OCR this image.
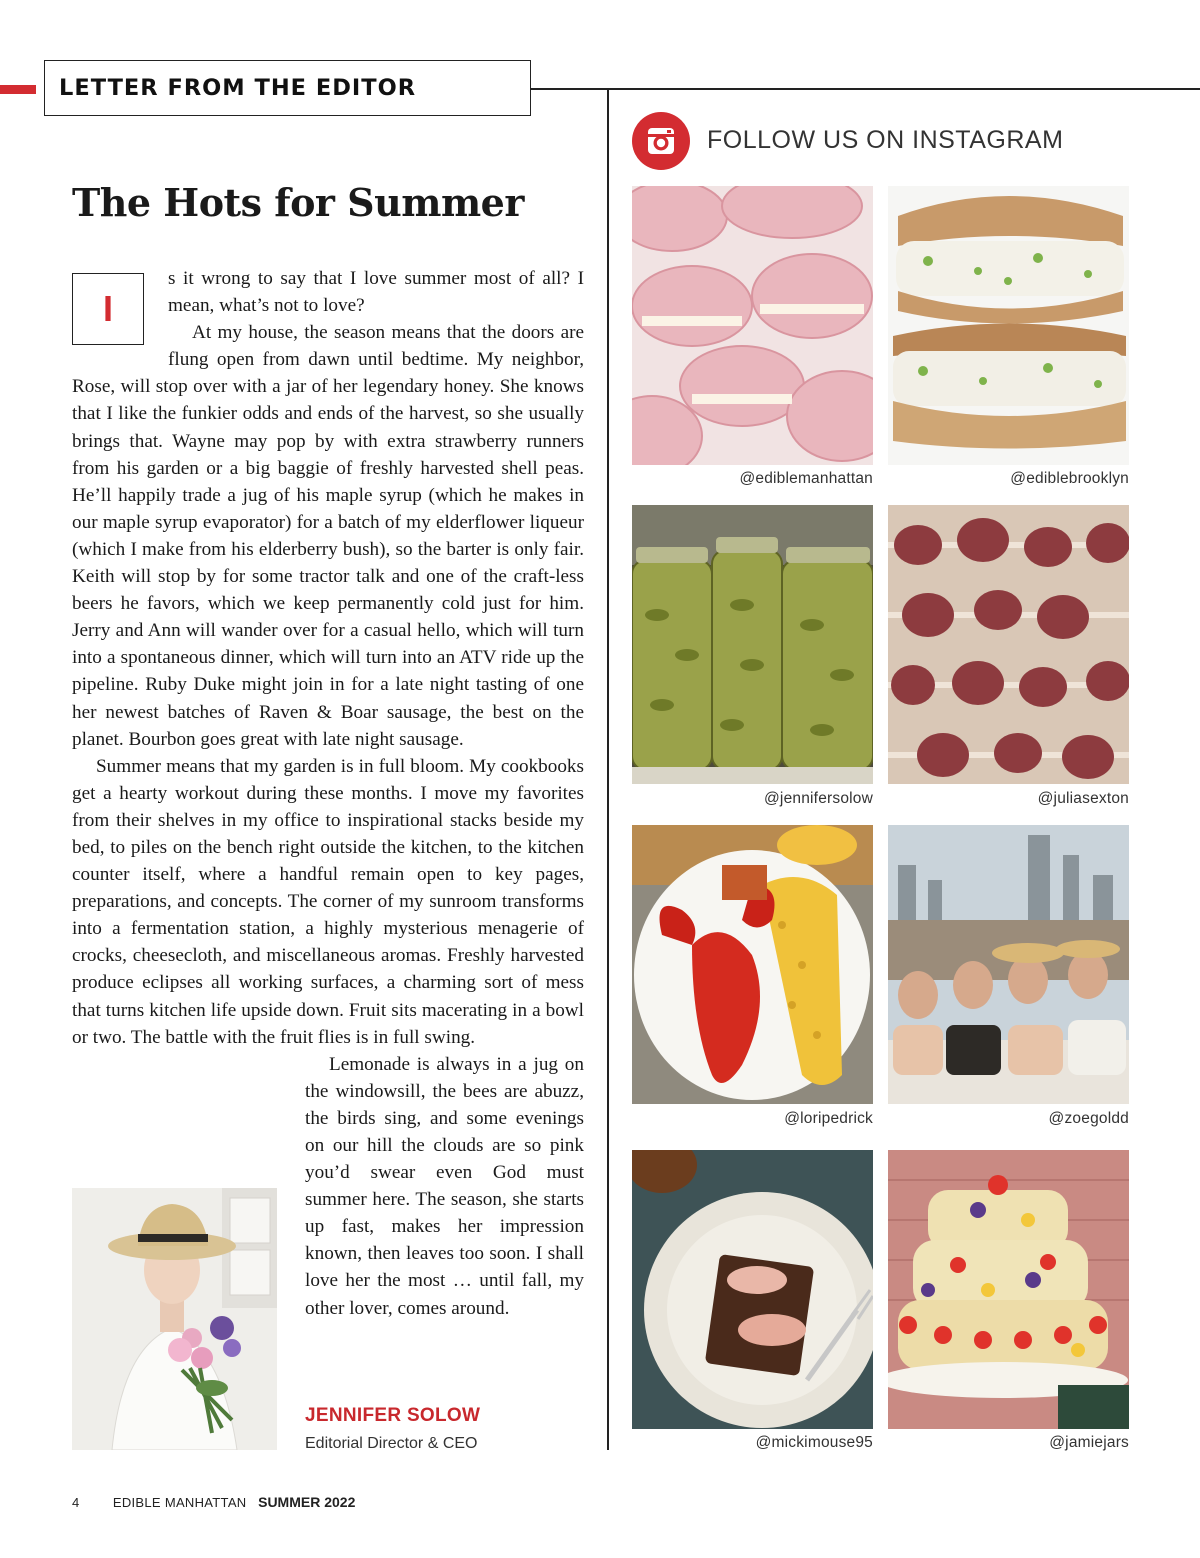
LETTER FROM THE EDITOR
The Hots for Summer
I

s it wrong to say that I love summer most of all? I mean, what’s not to love?

At my house, the season means that the doors are flung open from dawn until bedtime. My neighbor, Rose, will stop over with a jar of her legendary honey. She knows that I like the funkier odds and ends of the harvest, so she usually brings that. Wayne may pop by with extra strawberry runners from his garden or a big baggie of freshly harvested shell peas. He’ll happily trade a jug of his maple syrup (which he makes in our maple syrup evaporator) for a batch of my elderflower liqueur (which I make from his elderberry bush), so the barter is only fair. Keith will stop by for some tractor talk and one of the craft-less beers he favors, which we keep permanently cold just for him. Jerry and Ann will wander over for a casual hello, which will turn into a spontaneous dinner, which will turn into an ATV ride up the pipeline. Ruby Duke might join in for a late night tasting of one her newest batches of Raven & Boar sausage, the best on the planet. Bourbon goes great with late night sausage.

Summer means that my garden is in full bloom. My cookbooks get a hearty workout during these months. I move my favorites from their shelves in my office to inspirational stacks beside my bed, to piles on the bench right outside the kitchen, to the kitchen counter itself, where a handful remain open to key pages, preparations, and concepts. The corner of my sunroom transforms into a fermentation station, a highly mysterious menagerie of crocks, cheesecloth, and miscellaneous aromas. Freshly harvested produce eclipses all working surfaces, a charming sort of mess that turns kitchen life upside down. Fruit sits macerating in a bowl or two. The battle with the fruit flies is in full swing.

Lemonade is always in a jug on the windowsill, the bees are abuzz, the birds sing, and some evenings on our hill the clouds are so pink you’d swear even God must summer here. The season, she starts up fast, makes her impression known, then leaves too soon. I shall love her the most … until fall, my other lover, comes around.

JENNIFER SOLOW
Editorial Director & CEO
4	EDIBLE MANHATTAN SUMMER 2022
FOLLOW US ON INSTAGRAM
@ediblemanhattan	@ediblebrooklyn
@jennifersolow	@juliasexton
@loripedrick	@zoegoldd
@mickimouse95	@jamiejars
